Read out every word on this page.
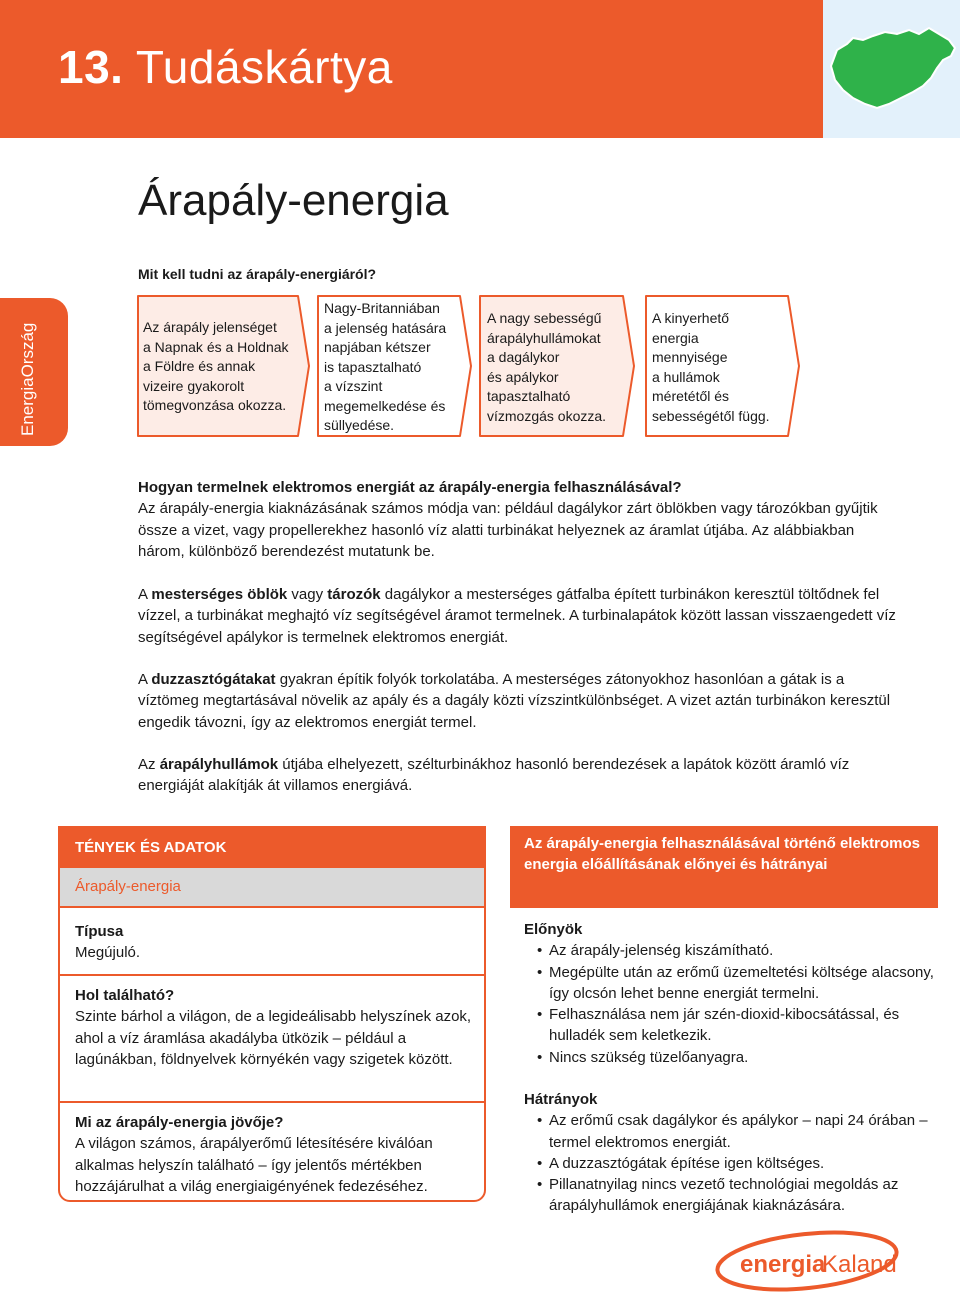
13. Tudáskártya
EnergiaOrszág
Árapály-energia
Mit kell tudni az árapály-energiáról?
Az árapály jelenséget
a Napnak és a Holdnak
a Földre és annak
vizeire gyakorolt
tömegvonzása okozza.
Nagy-Britanniában
a jelenség hatására
napjában kétszer
is tapasztalható
a vízszint
megemelkedése és
süllyedése.
A nagy sebességű
árapályhullámokat
a dagálykor
és apálykor
tapasztalható
vízmozgás okozza.
A kinyerhető
energia
mennyisége
a hullámok
méretétől és
sebességétől függ.
Hogyan termelnek elektromos energiát az árapály-energia felhasználásával?
Az árapály-energia kiaknázásának számos módja van: például dagálykor zárt öblökben vagy tározókban gyűjtik össze a vizet, vagy propellerekhez hasonló víz alatti turbinákat helyeznek az áramlat útjába. Az alábbiakban három, különböző berendezést mutatunk be.
A mesterséges öblök vagy tározók dagálykor a mesterséges gátfalba épített turbinákon keresztül töltődnek fel vízzel, a turbinákat meghajtó víz segítségével áramot termelnek. A turbinalapátok között lassan visszaengedett víz segítségével apálykor is termelnek elektromos energiát.
A duzzasztógátakat gyakran építik folyók torkolatába. A mesterséges zátonyokhoz hasonlóan a gátak is a víztömeg megtartásával növelik az apály és a dagály közti vízszintkülönbséget. A vizet aztán turbinákon keresztül engedik távozni, így az elektromos energiát termel.
Az árapályhullámok útjába elhelyezett, szélturbinákhoz hasonló berendezések a lapátok között áramló víz energiáját alakítják át villamos energiává.
TÉNYEK ÉS ADATOK
Árapály-energia
Típusa
Megújuló.
Hol található?
Szinte bárhol a világon, de a legideálisabb helyszínek azok, ahol a víz áramlása akadályba ütközik – például a lagúnákban, földnyelvek környékén vagy szigetek között.
Mi az árapály-energia jövője?
A világon számos, árapályerőmű létesítésére kiválóan alkalmas helyszín található – így jelentős mértékben hozzájárulhat a világ energiaigényének fedezéséhez.
Az árapály-energia felhasználásával történő elektromos energia előállításának előnyei és hátrányai
Előnyök
• Az árapály-jelenség kiszámítható.
• Megépülte után az erőmű üzemeltetési költsége alacsony, így olcsón lehet benne energiát termelni.
• Felhasználása nem jár szén-dioxid-kibocsátással, és hulladék sem keletkezik.
• Nincs szükség tüzelőanyagra.
Hátrányok
• Az erőmű csak dagálykor és apálykor – napi 24 órában – termel elektromos energiát.
• A duzzasztógátak építése igen költséges.
• Pillanatnyilag nincs vezető technológiai megoldás az árapályhullámok energiájának kiaknázására.
energia
Kaland
